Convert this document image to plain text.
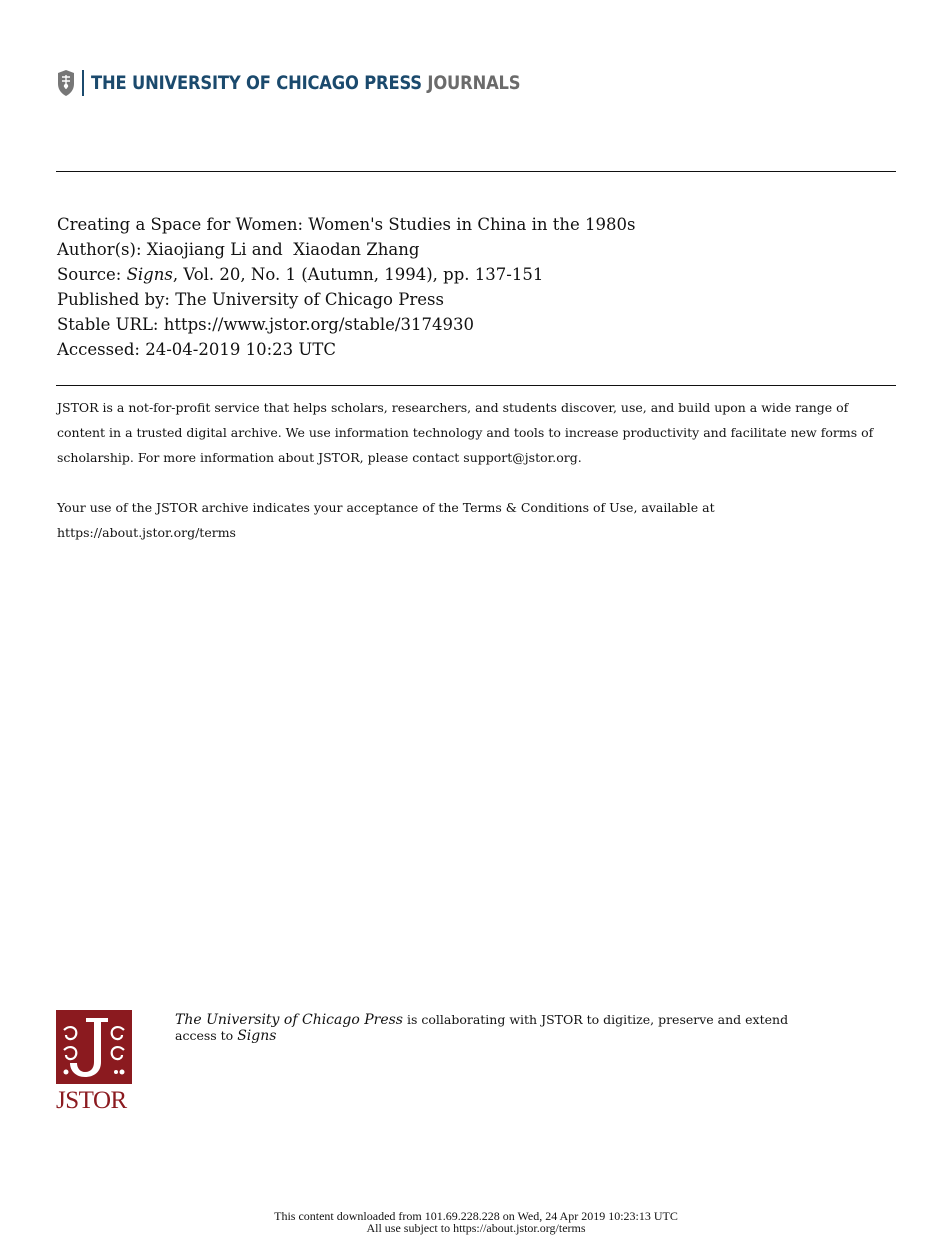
THE UNIVERSITY OF CHICAGO PRESS JOURNALS
Creating a Space for Women: Women's Studies in China in the 1980s
Author(s): Xiaojiang Li and  Xiaodan Zhang
Source: Signs, Vol. 20, No. 1 (Autumn, 1994), pp. 137-151
Published by: The University of Chicago Press
Stable URL: https://www.jstor.org/stable/3174930
Accessed: 24-04-2019 10:23 UTC

JSTOR is a not-for-profit service that helps scholars, researchers, and students discover, use, and build upon a wide range of content in a trusted digital archive. We use information technology and tools to increase productivity and facilitate new forms of scholarship. For more information about JSTOR, please contact support@jstor.org.

Your use of the JSTOR archive indicates your acceptance of the Terms & Conditions of Use, available at https://about.jstor.org/terms

JSTOR
The University of Chicago Press is collaborating with JSTOR to digitize, preserve and extend access to Signs
This content downloaded from 101.69.228.228 on Wed, 24 Apr 2019 10:23:13 UTC
All use subject to https://about.jstor.org/terms
